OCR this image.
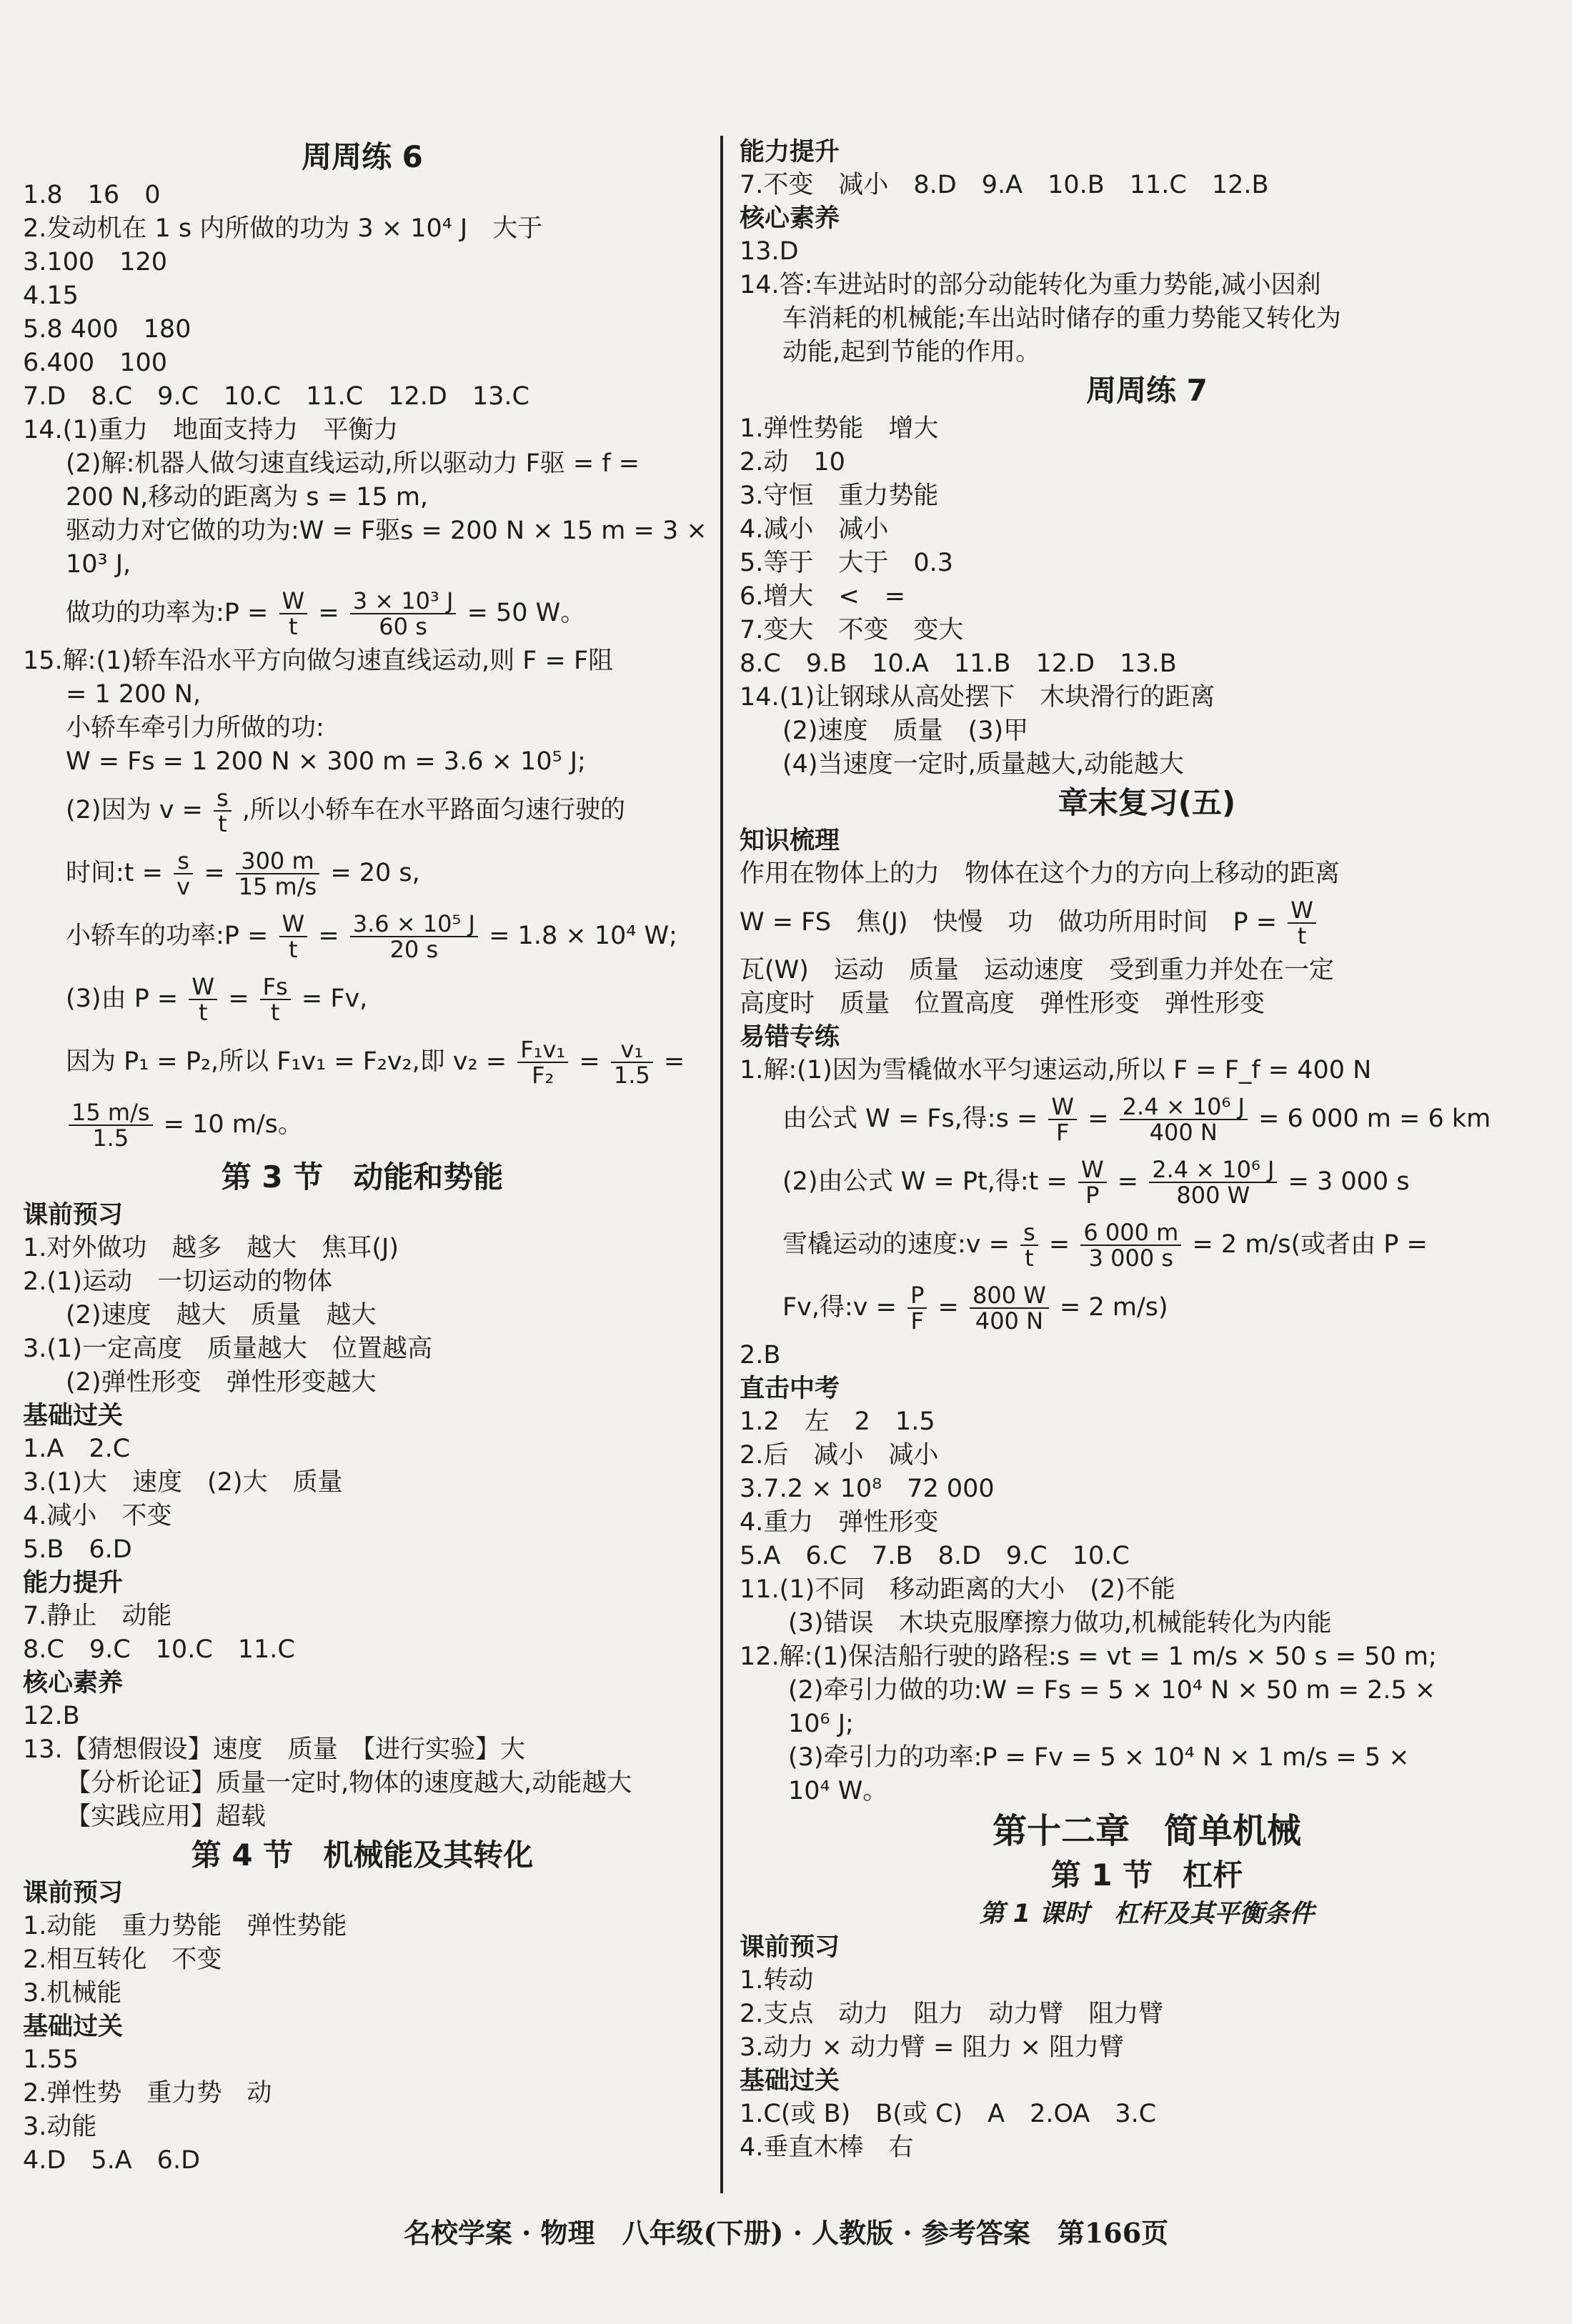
周周练 6
1.8　16　0
2.发动机在 1 s 内所做的功为 3 × 10⁴ J　大于
3.100　120
4.15
5.8 400　180
6.400　100
7.D　8.C　9.C　10.C　11.C　12.D　13.C
14.(1)重力　地面支持力　平衡力
(2)解:机器人做匀速直线运动,所以驱动力 F驱 = f =
200 N,移动的距离为 s = 15 m,
驱动力对它做的功为:W = F驱s = 200 N × 15 m = 3 ×
10³ J,
做功的功率为:P = $\frac{W}{t} = \frac{\text{3 × 10³ J}}{60 s} = 50$ W。
15.解:(1)轿车沿水平方向做匀速直线运动,则 F = F阻
= 1 200 N,
小轿车牵引力所做的功:
W = Fs = 1 200 N × 300 m = 3.6 × 10⁵ J;
(2)因为 $v = \frac{s}{t}$ ,所以小轿车在水平路面匀速行驶的
时间:t = $\frac{s}{v} = \frac{300 m}{15 m/s} = 20$ s,
小轿车的功率:P = $\frac{W}{t} = \frac{\text{3.6 × 10⁵ J}}{20 s} = 1.8 \times 10^4$ W;
(3)由 $P = \frac{W}{t} = \frac{Fs}{t} = Fv$,
因为 P₁ = P₂,所以 F₁v₁ = F₂v₂,即 $v_2 = \frac{\text{F₁v₁}}{\text{F₂}} = \frac{\text{v₁}}{1.5}$ =
$\frac{15 m/s}{1.5} = 10$ m/s。
第 3 节　动能和势能
课前预习
1.对外做功　越多　越大　焦耳(J)
2.(1)运动　一切运动的物体
(2)速度　越大　质量　越大
3.(1)一定高度　质量越大　位置越高
(2)弹性形变　弹性形变越大
基础过关
1.A　2.C
3.(1)大　速度　(2)大　质量
4.减小　不变
5.B　6.D
能力提升
7.静止　动能
8.C　9.C　10.C　11.C
核心素养
12.B
13.【猜想假设】速度　质量　【进行实验】大
【分析论证】质量一定时,物体的速度越大,动能越大
【实践应用】超载
第 4 节　机械能及其转化
课前预习
1.动能　重力势能　弹性势能
2.相互转化　不变
3.机械能
基础过关
1.55
2.弹性势　重力势　动
3.动能
4.D　5.A　6.D
能力提升
7.不变　减小　8.D　9.A　10.B　11.C　12.B
核心素养
13.D
14.答:车进站时的部分动能转化为重力势能,减小因刹
车消耗的机械能;车出站时储存的重力势能又转化为
动能,起到节能的作用。
周周练 7
1.弹性势能　增大
2.动　10
3.守恒　重力势能
4.减小　减小
5.等于　大于　0.3
6.增大　<　=
7.变大　不变　变大
8.C　9.B　10.A　11.B　12.D　13.B
14.(1)让钢球从高处摆下　木块滑行的距离
(2)速度　质量　(3)甲
(4)当速度一定时,质量越大,动能越大
章末复习(五)
知识梳理
作用在物体上的力　物体在这个力的方向上移动的距离
W = FS　焦(J)　快慢　功　做功所用时间　$P = \frac{W}{t}$
瓦(W)　运动　质量　运动速度　受到重力并处在一定
高度时　质量　位置高度　弹性形变　弹性形变
易错专练
1.解:(1)因为雪橇做水平匀速运动,所以 F = F_f = 400 N
由公式 W = Fs,得:s = $\frac{W}{F} = \frac{\text{2.4 × 10⁶ J}}{400 N} = 6$ 000 m = 6 km
(2)由公式 W = Pt,得:t = $\frac{W}{P} = \frac{\text{2.4 × 10⁶ J}}{800 W} = 3$ 000 s
雪橇运动的速度:v = $\frac{s}{t} = \frac{6 000 m}{3 000 s} = 2$ m/s(或者由 P =
Fv,得:v = $\frac{P}{F} = \frac{800 W}{400 N} = 2$ m/s)
2.B
直击中考
1.2　左　2　1.5
2.后　减小　减小
3.7.2 × 10⁸　72 000
4.重力　弹性形变
5.A　6.C　7.B　8.D　9.C　10.C
11.(1)不同　移动距离的大小　(2)不能
(3)错误　木块克服摩擦力做功,机械能转化为内能
12.解:(1)保洁船行驶的路程:s = vt = 1 m/s × 50 s = 50 m;
(2)牵引力做的功:W = Fs = 5 × 10⁴ N × 50 m = 2.5 ×
10⁶ J;
(3)牵引力的功率:P = Fv = 5 × 10⁴ N × 1 m/s = 5 ×
10⁴ W。
第十二章　简单机械
第 1 节　杠杆
第 1 课时　杠杆及其平衡条件
课前预习
1.转动
2.支点　动力　阻力　动力臂　阻力臂
3.动力 × 动力臂 = 阻力 × 阻力臂
基础过关
1.C(或 B)　B(或 C)　A　2.OA　3.C
4.垂直木棒　右
名校学案 · 物理　八年级(下册) · 人教版 · 参考答案　第166页
